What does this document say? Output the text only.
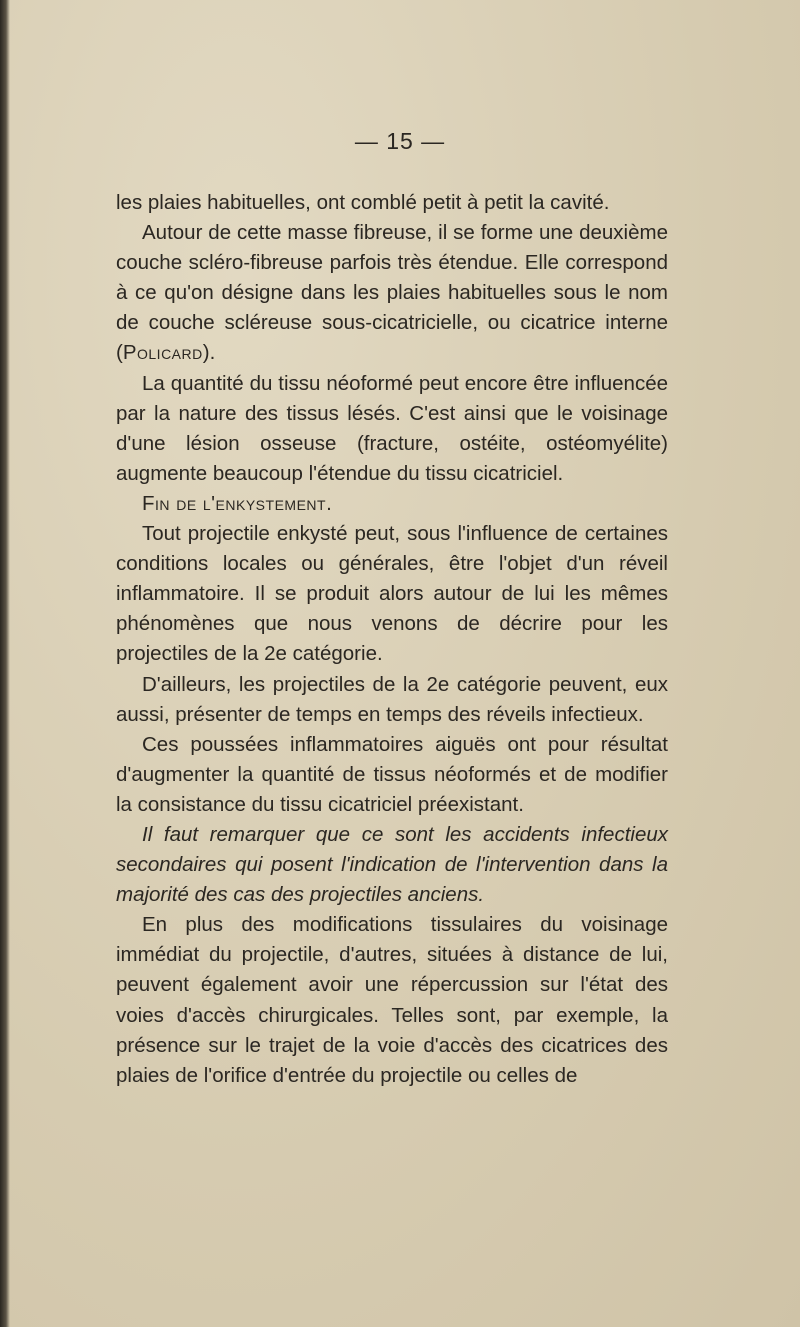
— 15 —

les plaies habituelles, ont comblé petit à petit la cavité.

Autour de cette masse fibreuse, il se forme une deuxième couche scléro-fibreuse parfois très étendue. Elle correspond à ce qu'on désigne dans les plaies habituelles sous le nom de couche scléreuse sous-cicatricielle, ou cicatrice interne (Policard).

La quantité du tissu néoformé peut encore être influencée par la nature des tissus lésés. C'est ainsi que le voisinage d'une lésion osseuse (fracture, ostéite, ostéomyélite) augmente beaucoup l'étendue du tissu cicatriciel.

Fin de l'enkystement.

Tout projectile enkysté peut, sous l'influence de certaines conditions locales ou générales, être l'objet d'un réveil inflammatoire. Il se produit alors autour de lui les mêmes phénomènes que nous venons de décrire pour les projectiles de la 2e catégorie.

D'ailleurs, les projectiles de la 2e catégorie peuvent, eux aussi, présenter de temps en temps des réveils infectieux.

Ces poussées inflammatoires aiguës ont pour résultat d'augmenter la quantité de tissus néoformés et de modifier la consistance du tissu cicatriciel préexistant.

Il faut remarquer que ce sont les accidents infectieux secondaires qui posent l'indication de l'intervention dans la majorité des cas des projectiles anciens.

En plus des modifications tissulaires du voisinage immédiat du projectile, d'autres, situées à distance de lui, peuvent également avoir une répercussion sur l'état des voies d'accès chirurgicales. Telles sont, par exemple, la présence sur le trajet de la voie d'accès des cicatrices des plaies de l'orifice d'entrée du projectile ou celles de
